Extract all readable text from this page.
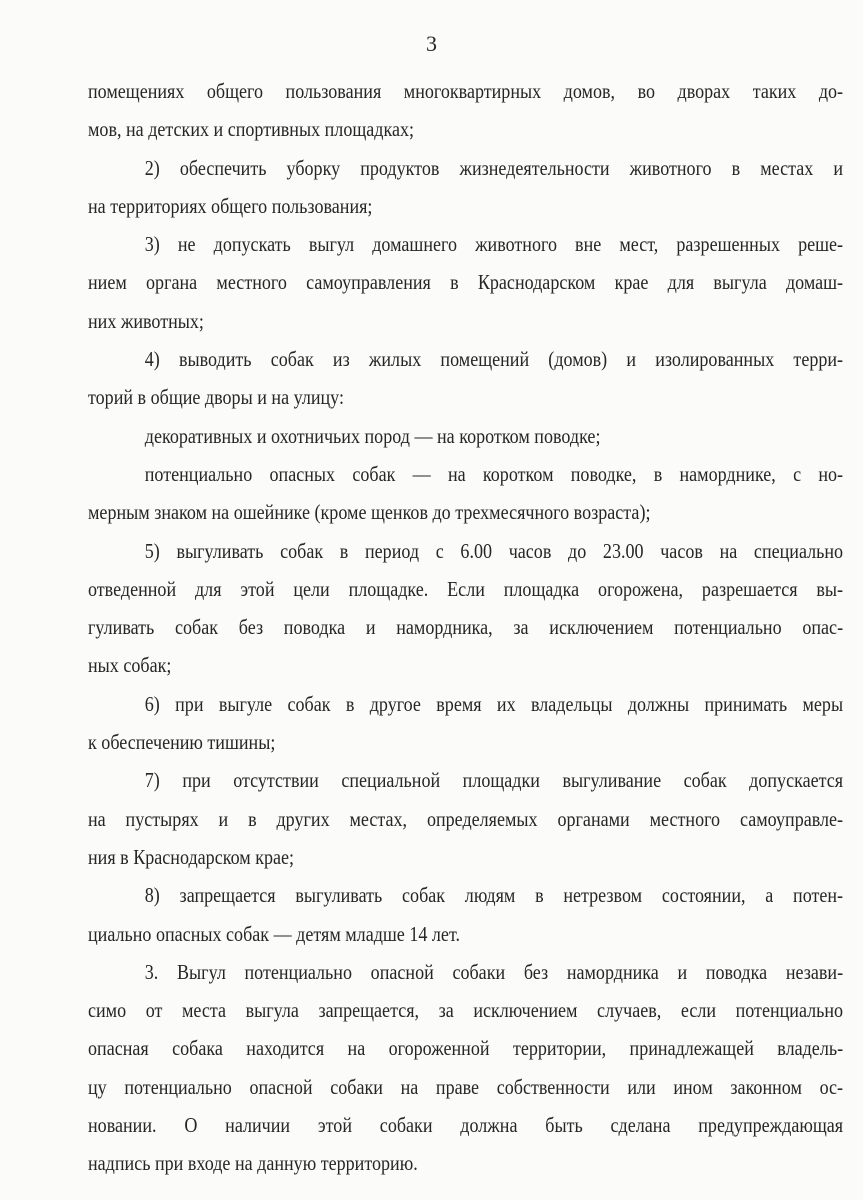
3
помещениях общего пользования многоквартирных домов, во дворах таких до-
мов, на детских и спортивных площадках;
2) обеспечить уборку продуктов жизнедеятельности животного в местах и
на территориях общего пользования;
3) не допускать выгул домашнего животного вне мест, разрешенных реше-
нием органа местного самоуправления в Краснодарском крае для выгула домаш-
них животных;
4) выводить собак из жилых помещений (домов) и изолированных терри-
торий в общие дворы и на улицу:
декоративных и охотничьих пород — на коротком поводке;
потенциально опасных собак — на коротком поводке, в наморднике, с но-
мерным знаком на ошейнике (кроме щенков до трехмесячного возраста);
5) выгуливать собак в период с 6.00 часов до 23.00 часов на специально
отведенной для этой цели площадке. Если площадка огорожена, разрешается вы-
гуливать собак без поводка и намордника, за исключением потенциально опас-
ных собак;
6) при выгуле собак в другое время их владельцы должны принимать меры
к обеспечению тишины;
7) при отсутствии специальной площадки выгуливание собак допускается
на пустырях и в других местах, определяемых органами местного самоуправле-
ния в Краснодарском крае;
8) запрещается выгуливать собак людям в нетрезвом состоянии, а потен-
циально опасных собак — детям младше 14 лет.
3. Выгул потенциально опасной собаки без намордника и поводка незави-
симо от места выгула запрещается, за исключением случаев, если потенциально
опасная собака находится на огороженной территории, принадлежащей владель-
цу потенциально опасной собаки на праве собственности или ином законном ос-
новании. О наличии этой собаки должна быть сделана предупреждающая
надпись при входе на данную территорию.
